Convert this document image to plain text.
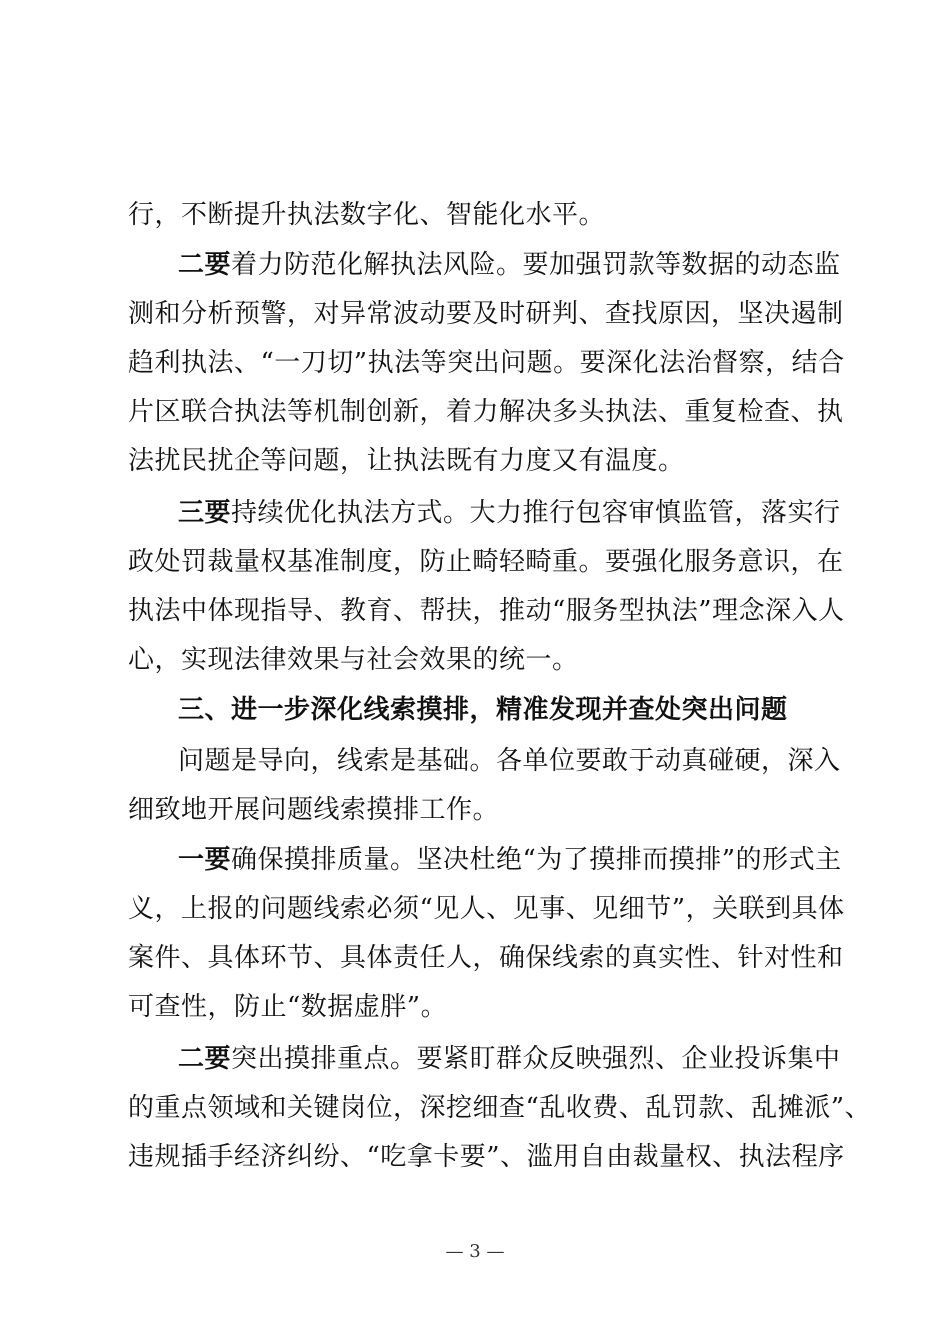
行，不断提升执法数字化、智能化水平。
二要着力防范化解执法风险。要加强罚款等数据的动态监
测和分析预警，对异常波动要及时研判、查找原因，坚决遏制
趋利执法、“一刀切”执法等突出问题。要深化法治督察，结合
片区联合执法等机制创新，着力解决多头执法、重复检查、执
法扰民扰企等问题，让执法既有力度又有温度。
三要持续优化执法方式。大力推行包容审慎监管，落实行
政处罚裁量权基准制度，防止畸轻畸重。要强化服务意识，在
执法中体现指导、教育、帮扶，推动“服务型执法”理念深入人
心，实现法律效果与社会效果的统一。
三、进一步深化线索摸排，精准发现并查处突出问题
问题是导向，线索是基础。各单位要敢于动真碰硬，深入
细致地开展问题线索摸排工作。
一要确保摸排质量。坚决杜绝“为了摸排而摸排”的形式主
义，上报的问题线索必须“见人、见事、见细节”，关联到具体
案件、具体环节、具体责任人，确保线索的真实性、针对性和
可查性，防止“数据虚胖”。
二要突出摸排重点。要紧盯群众反映强烈、企业投诉集中
的重点领域和关键岗位，深挖细查“乱收费、乱罚款、乱摊派”、
违规插手经济纠纷、“吃拿卡要”、滥用自由裁量权、执法程序
— 3 —
